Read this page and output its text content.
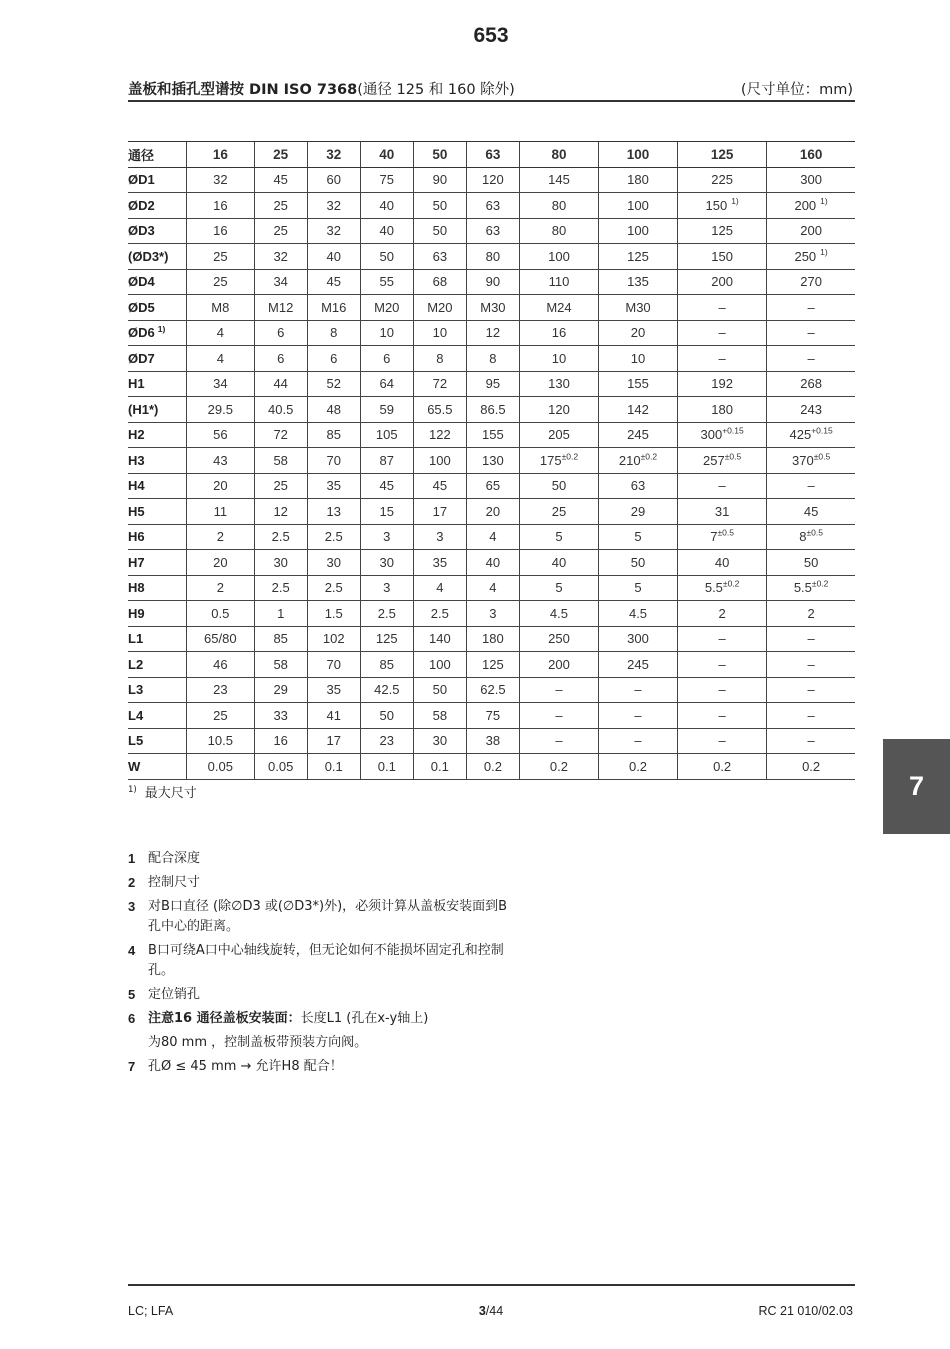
653
盖板和插孔型谱按 DIN ISO 7368(通径 125 和 160 除外)	(尺寸单位：mm)
通径	16	25	32	40	50	63	80	100	125	160
ØD1	32	45	60	75	90	120	145	180	225	300
ØD2	16	25	32	40	50	63	80	100	150 $^{1)}$	200 $^{1)}$
ØD3	16	25	32	40	50	63	80	100	125	200
(ØD3*)	25	32	40	50	63	80	100	125	150	250 $^{1)}$
ØD4	25	34	45	55	68	90	110	135	200	270
ØD5	M8	M12	M16	M20	M20	M30	M24	M30	–	–
ØD6 $^{1)}$	4	6	8	10	10	12	16	20	–	–
ØD7	4	6	6	6	8	8	10	10	–	–
H1	34	44	52	64	72	95	130	155	192	268
(H1*)	29.5	40.5	48	59	65.5	86.5	120	142	180	243
H2	56	72	85	105	122	155	205	245	$300^{+0.15}$	$425^{+0.15}$
H3	43	58	70	87	100	130	$175^{\pm 0.2}$	$210^{\pm 0.2}$	$257^{\pm 0.5}$	$370^{\pm 0.5}$
H4	20	25	35	45	45	65	50	63	–	–
H5	11	12	13	15	17	20	25	29	31	45
H6	2	2.5	2.5	3	3	4	5	5	$7^{\pm 0.5}$	$8^{\pm 0.5}$
H7	20	30	30	30	35	40	40	50	40	50
H8	2	2.5	2.5	3	4	4	5	5	$5.5^{\pm 0.2}$	$5.5^{\pm 0.2}$
H9	0.5	1	1.5	2.5	2.5	3	4.5	4.5	2	2
L1	65/80	85	102	125	140	180	250	300	–	–
L2	46	58	70	85	100	125	200	245	–	–
L3	23	29	35	42.5	50	62.5	–	–	–	–
L4	25	33	41	50	58	75	–	–	–	–
L5	10.5	16	17	23	30	38	–	–	–	–
W	0.05	0.05	0.1	0.1	0.1	0.2	0.2	0.2	0.2	0.2
$^{1)}$ 最大尺寸	7
1 配合深度
2 控制尺寸
3 对B口直径 (除∅D3 或(∅D3*)外)，必须计算从盖板安装面到B孔中心的距离。
4 B口可绕A口中心轴线旋转，但无论如何不能损坏固定孔和控制孔。
5 定位销孔
6 注意16 通径盖板安装面：长度L1 (孔在x-y轴上)
为80 mm ，控制盖板带预装方向阀。
7 孔Ø ≤ 45 mm → 允许H8 配合！
LC; LFA	3/44	RC 21 010/02.03
